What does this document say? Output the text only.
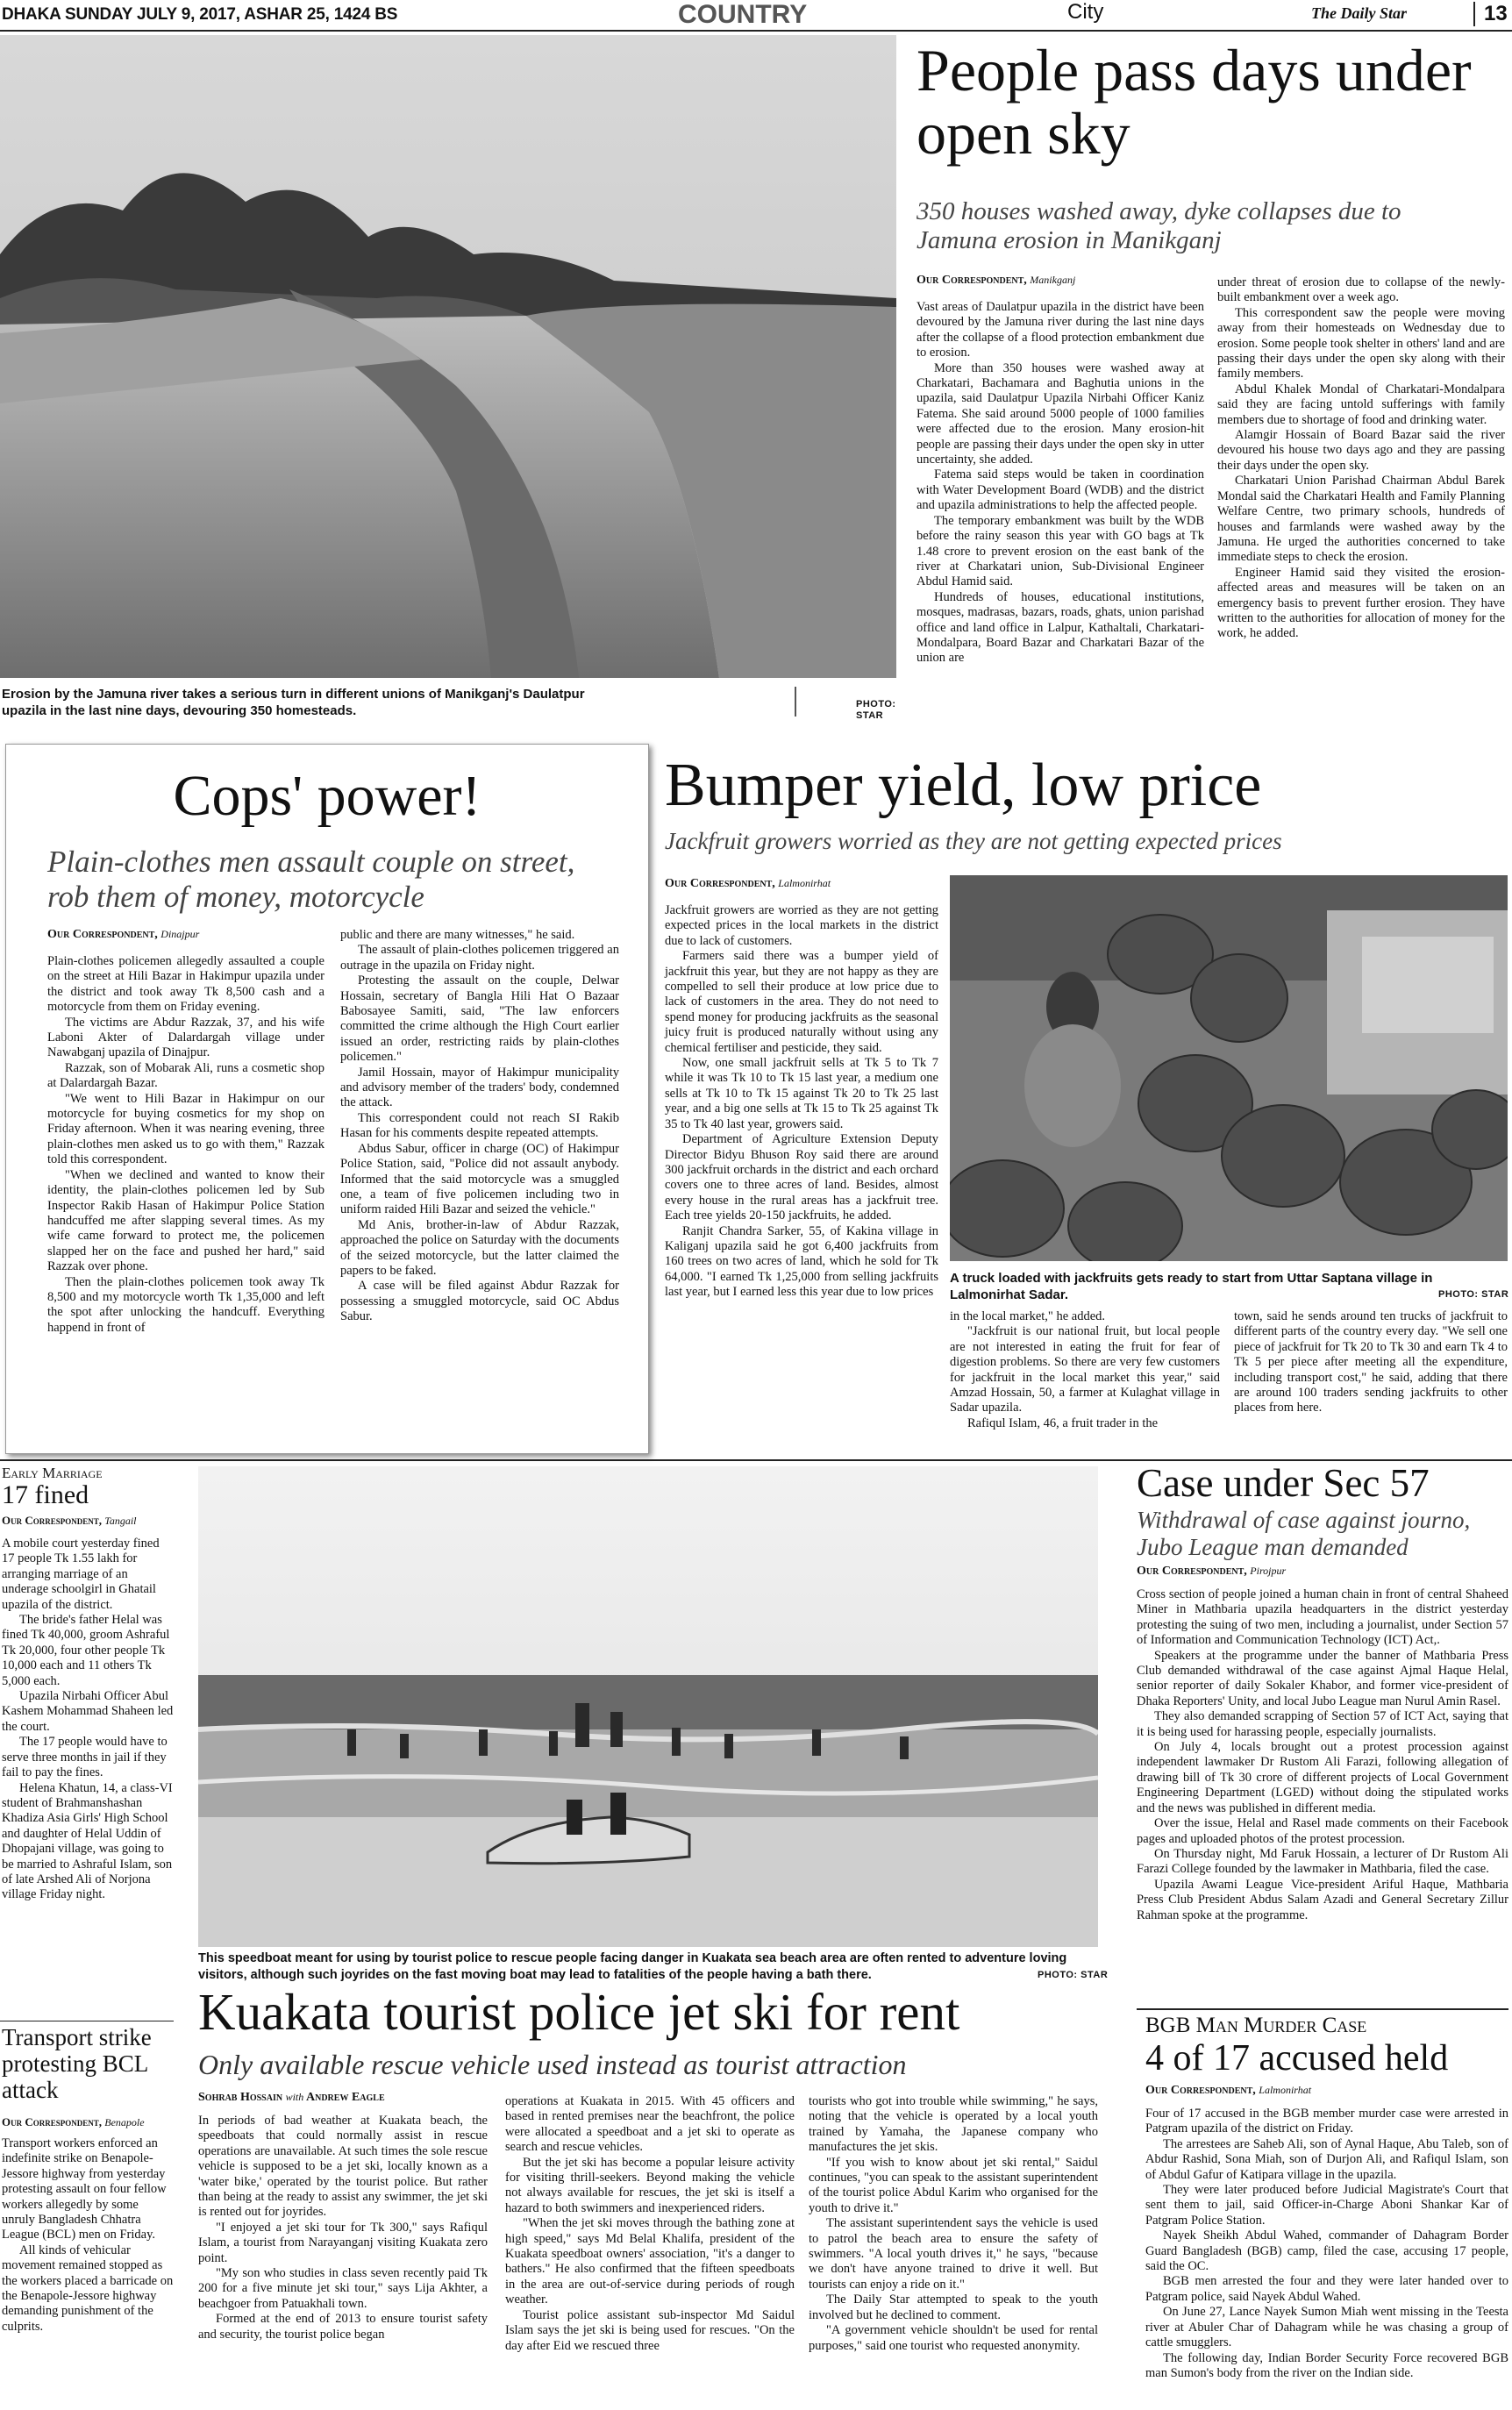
DHAKA SUNDAY JULY 9, 2017, ASHAR 25, 1424 BS	COUNTRY	City	The Daily Star	13
Erosion by the Jamuna river takes a serious turn in different unions of Manikganj's Daulatpur upazila in the last nine days, devouring 350 homesteads.	PHOTO: STAR
People pass days under open sky
350 houses washed away, dyke collapses due to Jamuna erosion in Manikganj
Our Correspondent, Manikganj

Vast areas of Daulatpur upazila in the district have been devoured by the Jamuna river during the last nine days after the collapse of a flood protection embankment due to erosion.

More than 350 houses were washed away at Charkatari, Bachamara and Baghutia unions in the upazila, said Daulatpur Upazila Nirbahi Officer Kaniz Fatema. She said around 5000 people of 1000 families were affected due to the erosion. Many erosion-hit people are passing their days under the open sky in utter uncertainty, she added.

Fatema said steps would be taken in coordination with Water Development Board (WDB) and the district and upazila administrations to help the affected people.

The temporary embankment was built by the WDB before the rainy season this year with GO bags at Tk 1.48 crore to prevent erosion on the east bank of the river at Charkatari union, Sub-Divisional Engineer Abdul Hamid said.

Hundreds of houses, educational institutions, mosques, madrasas, bazars, roads, ghats, union parishad office and land office in Lalpur, Kathaltali, Charkatari-Mondalpara, Board Bazar and Charkatari Bazar of the union are

under threat of erosion due to collapse of the newly-built embankment over a week ago.

This correspondent saw the people were moving away from their homesteads on Wednesday due to erosion. Some people took shelter in others' land and are passing their days under the open sky along with their family members.

Abdul Khalek Mondal of Charkatari-Mondalpara said they are facing untold sufferings with family members due to shortage of food and drinking water.

Alamgir Hossain of Board Bazar said the river devoured his house two days ago and they are passing their days under the open sky.

Charkatari Union Parishad Chairman Abdul Barek Mondal said the Charkatari Health and Family Planning Welfare Centre, two primary schools, hundreds of houses and farmlands were washed away by the Jamuna. He urged the authorities concerned to take immediate steps to check the erosion.

Engineer Hamid said they visited the erosion-affected areas and measures will be taken on an emergency basis to prevent further erosion. They have written to the authorities for allocation of money for the work, he added.

Cops' power!
Plain-clothes men assault couple on street, rob them of money, motorcycle
Our Correspondent, Dinajpur

Plain-clothes policemen allegedly assaulted a couple on the street at Hili Bazar in Hakimpur upazila under the district and took away Tk 8,500 cash and a motorcycle from them on Friday evening.

The victims are Abdur Razzak, 37, and his wife Laboni Akter of Dalardargah village under Nawabganj upazila of Dinajpur.

Razzak, son of Mobarak Ali, runs a cosmetic shop at Dalardargah Bazar.

"We went to Hili Bazar in Hakimpur on our motorcycle for buying cosmetics for my shop on Friday afternoon. When it was nearing evening, three plain-clothes men asked us to go with them," Razzak told this correspondent.

"When we declined and wanted to know their identity, the plain-clothes policemen led by Sub Inspector Rakib Hasan of Hakimpur Police Station handcuffed me after slapping several times. As my wife came forward to protect me, the policemen slapped her on the face and pushed her hard," said Razzak over phone.

Then the plain-clothes policemen took away Tk 8,500 and my motorcycle worth Tk 1,35,000 and left the spot after unlocking the handcuff. Everything happend in front of

public and there are many witnesses," he said.

The assault of plain-clothes policemen triggered an outrage in the upazila on Friday night.

Protesting the assault on the couple, Delwar Hossain, secretary of Bangla Hili Hat O Bazaar Babosayee Samiti, said, "The law enforcers committed the crime although the High Court earlier issued an order, restricting raids by plain-clothes policemen."

Jamil Hossain, mayor of Hakimpur municipality and advisory member of the traders' body, condemned the attack.

This correspondent could not reach SI Rakib Hasan for his comments despite repeated attempts.

Abdus Sabur, officer in charge (OC) of Hakimpur Police Station, said, "Police did not assault anybody. Informed that the said motorcycle was a smuggled one, a team of five policemen including two in uniform raided Hili Bazar and seized the vehicle."

Md Anis, brother-in-law of Abdur Razzak, approached the police on Saturday with the documents of the seized motorcycle, but the latter claimed the papers to be faked.

A case will be filed against Abdur Razzak for possessing a smuggled motorcycle, said OC Abdus Sabur.

Bumper yield, low price
Jackfruit growers worried as they are not getting expected prices
Our Correspondent, Lalmonirhat

Jackfruit growers are worried as they are not getting expected prices in the local markets in the district due to lack of customers.

Farmers said there was a bumper yield of jackfruit this year, but they are not happy as they are compelled to sell their produce at low price due to lack of customers in the area. They do not need to spend money for producing jackfruits as the seasonal juicy fruit is produced naturally without using any chemical fertiliser and pesticide, they said.

Now, one small jackfruit sells at Tk 5 to Tk 7 while it was Tk 10 to Tk 15 last year, a medium one sells at Tk 10 to Tk 15 against Tk 20 to Tk 25 last year, and a big one sells at Tk 15 to Tk 25 against Tk 35 to Tk 40 last year, growers said.

Department of Agriculture Extension Deputy Director Bidyu Bhuson Roy said there are around 300 jackfruit orchards in the district and each orchard covers one to three acres of land. Besides, almost every house in the rural areas has a jackfruit tree. Each tree yields 20-150 jackfruits, he added.

Ranjit Chandra Sarker, 55, of Kakina village in Kaliganj upazila said he got 6,400 jackfruits from 160 trees on two acres of land, which he sold for Tk 64,000. "I earned Tk 1,25,000 from selling jackfruits last year, but I earned less this year due to low prices

A truck loaded with jackfruits gets ready to start from Uttar Saptana village in Lalmonirhat Sadar.	PHOTO: STAR

in the local market," he added.

"Jackfruit is our national fruit, but local people are not interested in eating the fruit for fear of digestion problems. So there are very few customers for jackfruit in the local market this year," said Amzad Hossain, 50, a farmer at Kulaghat village in Sadar upazila.

Rafiqul Islam, 46, a fruit trader in the

town, said he sends around ten trucks of jackfruit to different parts of the country every day. "We sell one piece of jackfruit for Tk 20 to Tk 30 and earn Tk 4 to Tk 5 per piece after meeting all the expenditure, including transport cost," he said, adding that there are around 100 traders sending jackfruits to other places from here.

Early Marriage
17 fined
Our Correspondent, Tangail

A mobile court yesterday fined 17 people Tk 1.55 lakh for arranging marriage of an underage schoolgirl in Ghatail upazila of the district.

The bride's father Helal was fined Tk 40,000, groom Ashraful Tk 20,000, four other people Tk 10,000 each and 11 others Tk 5,000 each.

Upazila Nirbahi Officer Abul Kashem Mohammad Shaheen led the court.

The 17 people would have to serve three months in jail if they fail to pay the fines.

Helena Khatun, 14, a class-VI student of Brahmanshashan Khadiza Asia Girls' High School and daughter of Helal Uddin of Dhopajani village, was going to be married to Ashraful Islam, son of late Arshed Ali of Norjona village Friday night.

Transport strike protesting BCL attack
Our Correspondent, Benapole

Transport workers enforced an indefinite strike on Benapole-Jessore highway from yesterday protesting assault on four fellow workers allegedly by some unruly Bangladesh Chhatra League (BCL) men on Friday.

All kinds of vehicular movement remained stopped as the workers placed a barricade on the Benapole-Jessore highway demanding punishment of the culprits.

This speedboat meant for using by tourist police to rescue people facing danger in Kuakata sea beach area are often rented to adventure loving visitors, although such joyrides on the fast moving boat may lead to fatalities of the people having a bath there.	PHOTO: STAR
Kuakata tourist police jet ski for rent
Only available rescue vehicle used instead as tourist attraction
Sohrab Hossain with Andrew Eagle

In periods of bad weather at Kuakata beach, the speedboats that could normally assist in rescue operations are unavailable. At such times the sole rescue vehicle is supposed to be a jet ski, locally known as a 'water bike,' operated by the tourist police. But rather than being at the ready to assist any swimmer, the jet ski is rented out for joyrides.

"I enjoyed a jet ski tour for Tk 300," says Rafiqul Islam, a tourist from Narayanganj visiting Kuakata zero point.

"My son who studies in class seven recently paid Tk 200 for a five minute jet ski tour," says Lija Akhter, a beachgoer from Patuakhali town.

Formed at the end of 2013 to ensure tourist safety and security, the tourist police began

operations at Kuakata in 2015. With 45 officers and based in rented premises near the beachfront, the police were allocated a speedboat and a jet ski to operate as search and rescue vehicles.

But the jet ski has become a popular leisure activity for visiting thrill-seekers. Beyond making the vehicle not always available for rescues, the jet ski is itself a hazard to both swimmers and inexperienced riders.

"When the jet ski moves through the bathing zone at high speed," says Md Belal Khalifa, president of the Kuakata speedboat owners' association, "it's a danger to bathers." He also confirmed that the fifteen speedboats in the area are out-of-service during periods of rough weather.

Tourist police assistant sub-inspector Md Saidul Islam says the jet ski is being used for rescues. "On the day after Eid we rescued three

tourists who got into trouble while swimming," he says, noting that the vehicle is operated by a local youth trained by Yamaha, the Japanese company who manufactures the jet skis.

"If you wish to know about jet ski rental," Saidul continues, "you can speak to the assistant superintendent of the tourist police Abdul Karim who organised for the youth to drive it."

The assistant superintendent says the vehicle is used to patrol the beach area to ensure the safety of swimmers. "A local youth drives it," he says, "because we don't have anyone trained to drive it well. But tourists can enjoy a ride on it."

The Daily Star attempted to speak to the youth involved but he declined to comment.

"A government vehicle shouldn't be used for rental purposes," said one tourist who requested anonymity.

Case under Sec 57
Withdrawal of case against journo, Jubo League man demanded
Our Correspondent, Pirojpur

Cross section of people joined a human chain in front of central Shaheed Miner in Mathbaria upazila headquarters in the district yesterday protesting the suing of two men, including a journalist, under Section 57 of Information and Communication Technology (ICT) Act,.

Speakers at the programme under the banner of Mathbaria Press Club demanded withdrawal of the case against Ajmal Haque Helal, senior reporter of daily Sokaler Khabor, and former vice-president of Dhaka Reporters' Unity, and local Jubo League man Nurul Amin Rasel.

They also demanded scrapping of Section 57 of ICT Act, saying that it is being used for harassing people, especially journalists.

On July 4, locals brought out a protest procession against independent lawmaker Dr Rustom Ali Farazi, following allegation of drawing bill of Tk 30 crore of different projects of Local Government Engineering Department (LGED) without doing the stipulated works and the news was published in different media.

Over the issue, Helal and Rasel made comments on their Facebook pages and uploaded photos of the protest procession.

On Thursday night, Md Faruk Hossain, a lecturer of Dr Rustom Ali Farazi College founded by the lawmaker in Mathbaria, filed the case.

Upazila Awami League Vice-president Ariful Haque, Mathbaria Press Club President Abdus Salam Azadi and General Secretary Zillur Rahman spoke at the programme.

BGB Man Murder Case
4 of 17 accused held
Our Correspondent, Lalmonirhat

Four of 17 accused in the BGB member murder case were arrested in Patgram upazila of the district on Friday.

The arrestees are Saheb Ali, son of Aynal Haque, Abu Taleb, son of Abdur Rashid, Sona Miah, son of Durjon Ali, and Rafiqul Islam, son of Abdul Gafur of Katipara village in the upazila.

They were later produced before Judicial Magistrate's Court that sent them to jail, said Officer-in-Charge Aboni Shankar Kar of Patgram Police Station.

Nayek Sheikh Abdul Wahed, commander of Dahagram Border Guard Bangladesh (BGB) camp, filed the case, accusing 17 people, said the OC.

BGB men arrested the four and they were later handed over to Patgram police, said Nayek Abdul Wahed.

On June 27, Lance Nayek Sumon Miah went missing in the Teesta river at Abuler Char of Dahagram while he was chasing a group of cattle smugglers.

The following day, Indian Border Security Force recovered BGB man Sumon's body from the river on the Indian side.
